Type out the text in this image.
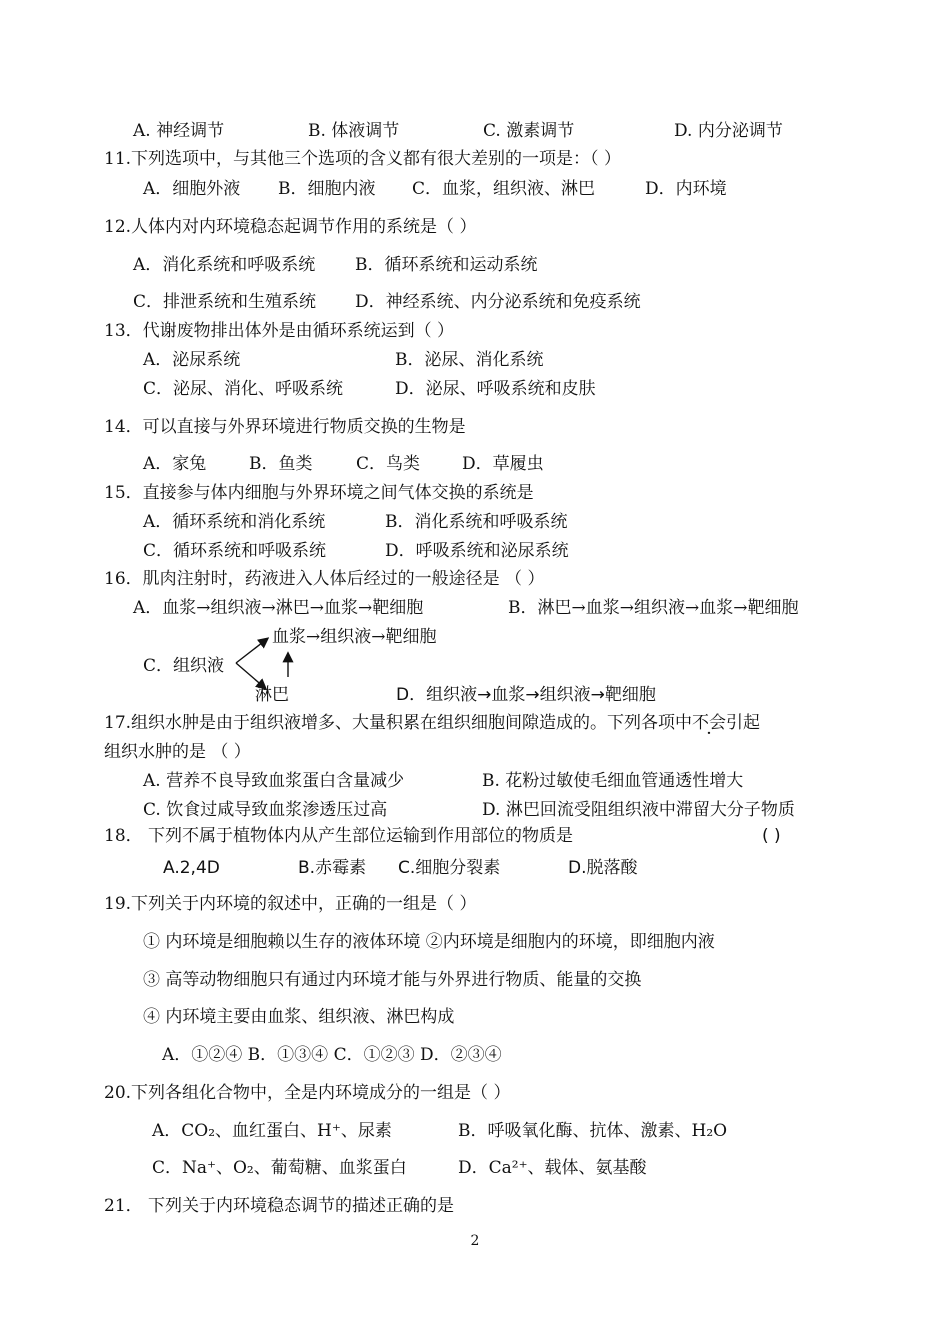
A. 神经调节	B. 体液调节	C. 激素调节	D. 内分泌调节
11.下列选项中，与其他三个选项的含义都有很大差别的一项是：（ ）
A．细胞外液 B．细胞内液 C．血浆，组织液、淋巴	D．内环境
12.人体内对内环境稳态起调节作用的系统是（ ）
A．消化系统和呼吸系统 B．循环系统和运动系统
C．排泄系统和生殖系统 D．神经系统、内分泌系统和免疫系统
13．代谢废物排出体外是由循环系统运到（ ）
A．泌尿系统	B．泌尿、消化系统
C．泌尿、消化、呼吸系统	D．泌尿、呼吸系统和皮肤
14．可以直接与外界环境进行物质交换的生物是
A．家兔	B．鱼类	C．鸟类 D．草履虫
15．直接参与体内细胞与外界环境之间气体交换的系统是
A．循环系统和消化系统	B．消化系统和呼吸系统
C．循环系统和呼吸系统	D．呼吸系统和泌尿系统
16．肌肉注射时，药液进入人体后经过的一般途径是 （ ）
A．血浆→组织液→淋巴→血浆→靶细胞	B．淋巴→血浆→组织液→血浆→靶细胞
血浆→组织液→靶细胞
C．组织液
淋巴	D．组织液→血浆→组织液→靶细胞
17.组织水肿是由于组织液增多、大量积累在组织细胞间隙造成的。下列各项中不会引起
组织水肿的是 （ ）
A. 营养不良导致血浆蛋白含量减少	B. 花粉过敏使毛细血管通透性增大
C. 饮食过咸导致血浆渗透压过高	D. 淋巴回流受阻组织液中滞留大分子物质
18． 下列不属于植物体内从产生部位运输到作用部位的物质是	( )
A.2,4D	B.赤霉素 C.细胞分裂素	D.脱落酸
19.下列关于内环境的叙述中，正确的一组是（ ）
① 内环境是细胞赖以生存的液体环境 ②内环境是细胞内的环境，即细胞内液
③ 高等动物细胞只有通过内环境才能与外界进行物质、能量的交换
④ 内环境主要由血浆、组织液、淋巴构成
A．①②④ B．①③④ C．①②③ D．②③④
20.下列各组化合物中，全是内环境成分的一组是（ ）
A．CO₂、血红蛋白、H⁺、尿素	B．呼吸氧化酶、抗体、激素、H₂O
C．Na⁺、O₂、葡萄糖、血浆蛋白	D．Ca²⁺、载体、氨基酸
21． 下列关于内环境稳态调节的描述正确的是
2
